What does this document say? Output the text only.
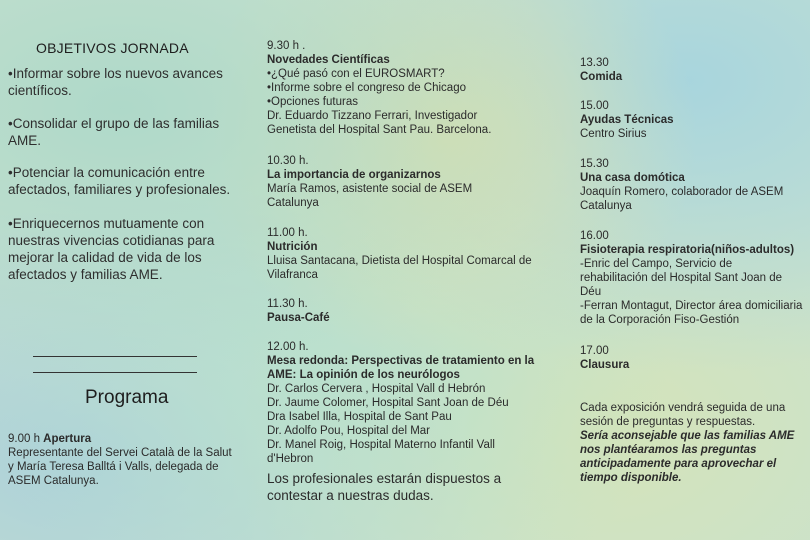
OBJETIVOS JORNADA

•Informar sobre los nuevos avances científicos.

•Consolidar el grupo de las familias AME.

•Potenciar la comunicación entre afectados, familiares y profesionales.

•Enriquecernos mutuamente con nuestras vivencias cotidianas para mejorar la calidad de vida de los afectados y familias AME.

Programa

9.00 h Apertura
Representante del Servei Català de la Salut y María Teresa Balltá i Valls, delegada de ASEM Catalunya.
9.30 h .
Novedades Científicas
•¿Qué pasó con el EUROSMART?
•Informe sobre el congreso de Chicago
•Opciones futuras
Dr. Eduardo Tizzano Ferrari, Investigador Genetista del Hospital Sant Pau. Barcelona.
10.30 h.
La importancia de organizarnos
María Ramos, asistente social de ASEM Catalunya
11.00 h.
Nutrición
Lluisa Santacana, Dietista del Hospital Comarcal de Vilafranca
11.30 h.
Pausa-Café
12.00 h.
Mesa redonda: Perspectivas de tratamiento en la AME: La opinión de los neurólogos
Dr. Carlos Cervera , Hospital Vall d Hebrón
Dr. Jaume Colomer, Hospital Sant Joan de Déu
Dra Isabel Illa, Hospital de Sant Pau
Dr. Adolfo Pou, Hospital del Mar
Dr. Manel Roig, Hospital Materno Infantil Vall d'Hebron
Los profesionales estarán dispuestos a contestar a nuestras dudas.
13.30
Comida
15.00
Ayudas Técnicas
Centro Sirius
15.30
Una casa domótica
Joaquín Romero, colaborador de ASEM Catalunya
16.00
Fisioterapia respiratoria(niños-adultos)
-Enric del Campo, Servicio de rehabilitación del Hospital Sant Joan de Déu
-Ferran Montagut, Director área domiciliaria de la Corporación Fiso-Gestión
17.00
Clausura
Cada exposición vendrá seguida de una sesión de preguntas y respuestas.
Sería aconsejable que las familias AME nos plantéaramos las preguntas anticipadamente para aprovechar el tiempo disponible.
